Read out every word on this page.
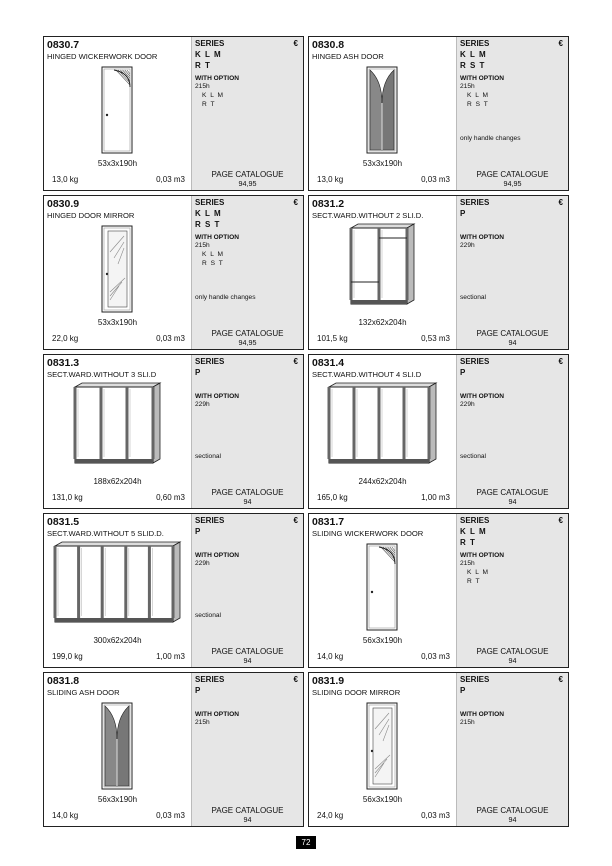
0830.7
HINGED WICKERWORK DOOR
53x3x190h
13,0 kg	0,03 m3
SERIES	€
K L M
R T
WITH OPTION
215h
K L M
R T
PAGE CATALOGUE
94,95
0830.8
HINGED ASH DOOR
53x3x190h
13,0 kg	0,03 m3
SERIES	€
K L M
R S T
WITH OPTION
215h
K L M
R S T
only handle changes
PAGE CATALOGUE
94,95
0830.9
HINGED DOOR MIRROR
53x3x190h
22,0 kg	0,03 m3
SERIES	€
K L M
R S T
WITH OPTION
215h
K L M
R S T
only handle changes
PAGE CATALOGUE
94,95
0831.2
SECT.WARD.WITHOUT 2 SLI.D.
132x62x204h
101,5 kg	0,53 m3
SERIES	€
P
WITH OPTION
229h
sectional
PAGE CATALOGUE
94
0831.3
SECT.WARD.WITHOUT 3 SLI.D
188x62x204h
131,0 kg	0,60 m3
SERIES	€
P
WITH OPTION
229h
sectional
PAGE CATALOGUE
94
0831.4
SECT.WARD.WITHOUT 4 SLI.D
244x62x204h
165,0 kg	1,00 m3
SERIES	€
P
WITH OPTION
229h
sectional
PAGE CATALOGUE
94
0831.5
SECT.WARD.WITHOUT 5 SLID.D.
300x62x204h
199,0 kg	1,00 m3
SERIES	€
P
WITH OPTION
229h
sectional
PAGE CATALOGUE
94
0831.7
SLIDING WICKERWORK DOOR
56x3x190h
14,0 kg	0,03 m3
SERIES	€
K L M
R T
WITH OPTION
215h
K L M
R T
PAGE CATALOGUE
94
0831.8
SLIDING ASH DOOR
56x3x190h
14,0 kg	0,03 m3
SERIES	€
P
WITH OPTION
215h
PAGE CATALOGUE
94
0831.9
SLIDING DOOR MIRROR
56x3x190h
24,0 kg	0,03 m3
SERIES	€
P
WITH OPTION
215h
PAGE CATALOGUE
94
72
